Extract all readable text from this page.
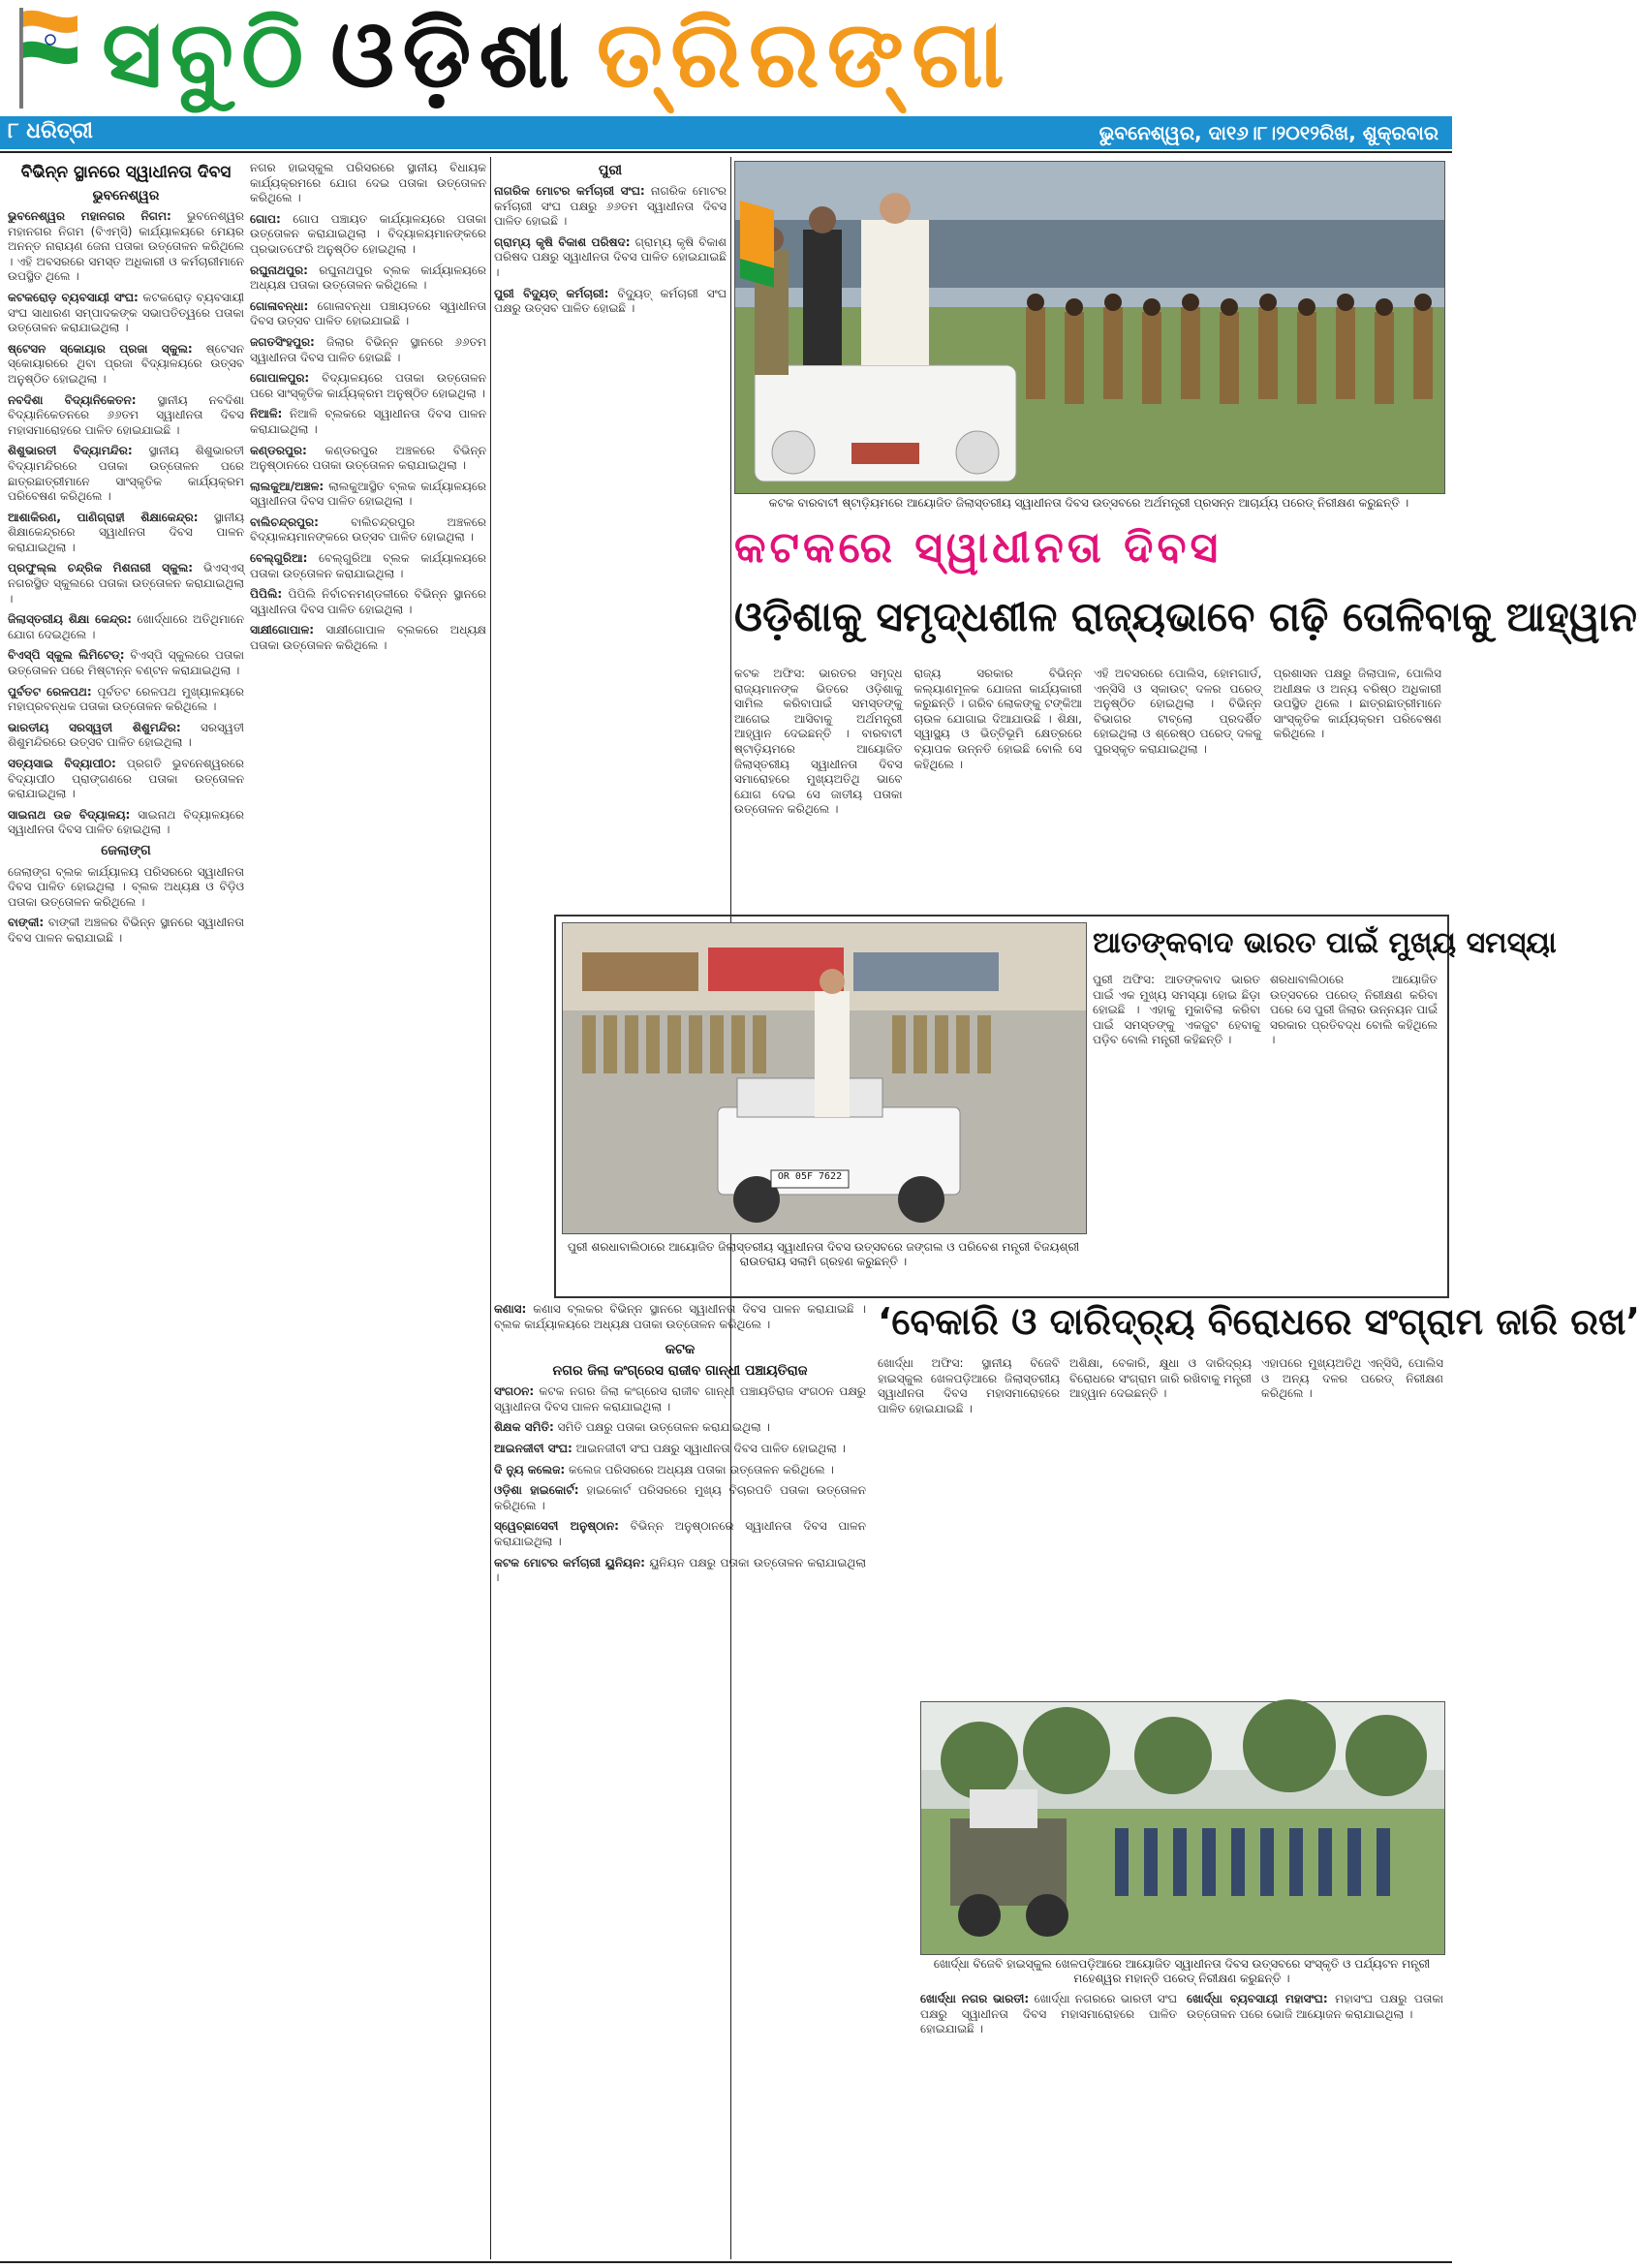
ସବୁଠି ଓଡ଼ିଶା ତ୍ରିରଙ୍ଗା
୮ ଧରିତ୍ରୀ	ଭୁବନେଶ୍ୱର, ଦା୧୬।୮।୨୦୧୨ରିଖ, ଶୁକ୍ରବାର
ବିଭିନ୍ନ ସ୍ଥାନରେ ସ୍ୱାଧୀନତା ଦିବସ
ଭୁବନେଶ୍ୱର

ଭୁବନେଶ୍ୱର ମହାନଗର ନିଗମ: ଭୁବନେଶ୍ୱର ମହାନଗର ନିଗମ (ବିଏମ୍‌ସି) କାର୍ଯ୍ୟାଳୟରେ ମେୟର ଅନନ୍ତ ନାରାୟଣ ଜେନା ପତାକା ଉତ୍ତୋଳନ କରିଥିଲେ । ଏହି ଅବସରରେ ସମସ୍ତ ଅଧିକାରୀ ଓ କର୍ମଚାରୀମାନେ ଉପସ୍ଥିତ ଥିଲେ ।

କଟକରୋଡ଼ ବ୍ୟବସାୟୀ ସଂଘ: କଟକରୋଡ଼ ବ୍ୟବସାୟୀ ସଂଘ ସାଧାରଣ ସମ୍ପାଦକଙ୍କ ସଭାପତିତ୍ୱରେ ପତାକା ଉତ୍ତୋଳନ କରାଯାଇଥିଲା ।

ଷ୍ଟେସନ ସ୍କୋୟାର ପ୍ରଜା ସ୍କୁଲ: ଷ୍ଟେସନ ସ୍କୋୟାରରେ ଥିବା ପ୍ରଜା ବିଦ୍ୟାଳୟରେ ଉତ୍ସବ ଅନୁଷ୍ଠିତ ହୋଇଥିଲା ।

ନବଦିଶା ବିଦ୍ୟାନିକେତନ: ସ୍ଥାନୀୟ ନବଦିଶା ବିଦ୍ୟାନିକେତନରେ ୬୬ତମ ସ୍ୱାଧୀନତା ଦିବସ ମହାସମାରୋହରେ ପାଳିତ ହୋଇଯାଇଛି ।

ଶିଶୁଭାରତୀ ବିଦ୍ୟାମନ୍ଦିର: ସ୍ଥାନୀୟ ଶିଶୁଭାରତୀ ବିଦ୍ୟାମନ୍ଦିରରେ ପତାକା ଉତ୍ତୋଳନ ପରେ ଛାତ୍ରଛାତ୍ରୀମାନେ ସାଂସ୍କୃତିକ କାର୍ଯ୍ୟକ୍ରମ ପରିବେଷଣ କରିଥିଲେ ।

ଆଶାକିରଣ, ପାଣିଗ୍ରାହୀ ଶିକ୍ଷାକେନ୍ଦ୍ର: ସ୍ଥାନୀୟ ଶିକ୍ଷାକେନ୍ଦ୍ରରେ ସ୍ୱାଧୀନତା ଦିବସ ପାଳନ କରାଯାଇଥିଲା ।

ପ୍ରଫୁଲ୍ଲ ଚନ୍ଦ୍ରିକ ମିଶନାରୀ ସ୍କୁଲ: ଭିଏସ୍‌ଏସ୍ ନଗରସ୍ଥିତ ସ୍କୁଲରେ ପତାକା ଉତ୍ତୋଳନ କରାଯାଇଥିଲା ।

ଜିଲାସ୍ତରୀୟ ଶିକ୍ଷା କେନ୍ଦ୍ର: ଖୋର୍ଦ୍ଧାରେ ଅତିଥିମାନେ ଯୋଗ ଦେଇଥିଲେ ।

ବିଏସ୍‌ପି ସ୍କୁଲ ଲିମିଟେଡ୍: ବିଏସ୍‌ପି ସ୍କୁଲରେ ପତାକା ଉତ୍ତୋଳନ ପରେ ମିଷ୍ଟାନ୍ନ ବଣ୍ଟନ କରାଯାଇଥିଲା ।

ପୁର୍ବତଟ ରେଳପଥ: ପୂର୍ବତଟ ରେଳପଥ ମୁଖ୍ୟାଳୟରେ ମହାପ୍ରବନ୍ଧକ ପତାକା ଉତ୍ତୋଳନ କରିଥିଲେ ।

ଭାରତୀୟ ସରସ୍ୱତୀ ଶିଶୁମନ୍ଦିର: ସରସ୍ୱତୀ ଶିଶୁମନ୍ଦିରରେ ଉତ୍ସବ ପାଳିତ ହୋଇଥିଲା ।

ସତ୍ୟସାଇ ବିଦ୍ୟାପୀଠ: ପ୍ରଗତି ଭୁବନେଶ୍ୱରରେ ବିଦ୍ୟାପୀଠ ପ୍ରାଙ୍ଗଣରେ ପତାକା ଉତ୍ତୋଳନ କରାଯାଇଥିଲା ।

ସାଇନାଥ ଉଚ୍ଚ ବିଦ୍ୟାଳୟ: ସାଇନାଥ ବିଦ୍ୟାଳୟରେ ସ୍ୱାଧୀନତା ଦିବସ ପାଳିତ ହୋଇଥିଲା ।

ଜେଲାଙ୍ଗ

ଜେଲାଙ୍ଗ ବ୍ଲକ କାର୍ଯ୍ୟାଳୟ ପରିସରରେ ସ୍ୱାଧୀନତା ଦିବସ ପାଳିତ ହୋଇଥିଲା । ବ୍ଲକ ଅଧ୍ୟକ୍ଷ ଓ ବିଡ଼ିଓ ପତାକା ଉତ୍ତୋଳନ କରିଥିଲେ ।

ବାଙ୍କୀ: ବାଙ୍କୀ ଅଞ୍ଚଳର ବିଭିନ୍ନ ସ୍ଥାନରେ ସ୍ୱାଧୀନତା ଦିବସ ପାଳନ କରାଯାଇଛି ।

ନଗର ହାଇସ୍କୁଲ ପରିସରରେ ସ୍ଥାନୀୟ ବିଧାୟକ କାର୍ଯ୍ୟକ୍ରମରେ ଯୋଗ ଦେଇ ପତାକା ଉତ୍ତୋଳନ କରିଥିଲେ ।

ଗୋପ: ଗୋପ ପଞ୍ଚାୟତ କାର୍ଯ୍ୟାଳୟରେ ପତାକା ଉତ୍ତୋଳନ କରାଯାଇଥିଲା । ବିଦ୍ୟାଳୟମାନଙ୍କରେ ପ୍ରଭାତଫେରି ଅନୁଷ୍ଠିତ ହୋଇଥିଲା ।

ରଘୁନାଥପୁର: ରଘୁନାଥପୁର ବ୍ଲକ କାର୍ଯ୍ୟାଳୟରେ ଅଧ୍ୟକ୍ଷ ପତାକା ଉତ୍ତୋଳନ କରିଥିଲେ ।

ଗୋଳାବନ୍ଧା: ଗୋଳାବନ୍ଧା ପଞ୍ଚାୟତରେ ସ୍ୱାଧୀନତା ଦିବସ ଉତ୍ସବ ପାଳିତ ହୋଇଯାଇଛି ।

ଜଗତସିଂହପୁର: ଜିଲାର ବିଭିନ୍ନ ସ୍ଥାନରେ ୬୬ତମ ସ୍ୱାଧୀନତା ଦିବସ ପାଳିତ ହୋଇଛି ।

ଗୋପାଳପୁର: ବିଦ୍ୟାଳୟରେ ପତାକା ଉତ୍ତୋଳନ ପରେ ସାଂସ୍କୃତିକ କାର୍ଯ୍ୟକ୍ରମ ଅନୁଷ୍ଠିତ ହୋଇଥିଲା ।

ନିଆଳି: ନିଆଳି ବ୍ଲକରେ ସ୍ୱାଧୀନତା ଦିବସ ପାଳନ କରାଯାଇଥିଲା ।

କଣ୍ଡରପୁର: କଣ୍ଡରପୁର ଅଞ୍ଚଳରେ ବିଭିନ୍ନ ଅନୁଷ୍ଠାନରେ ପତାକା ଉତ୍ତୋଳନ କରାଯାଇଥିଲା ।

ଲାଲକୁଆ/ଅଞ୍ଚଳ: ଲାଲକୁଆସ୍ଥିତ ବ୍ଲକ କାର୍ଯ୍ୟାଳୟରେ ସ୍ୱାଧୀନତା ଦିବସ ପାଳିତ ହୋଇଥିଲା ।

ବାଲିଚନ୍ଦ୍ରପୁର: ବାଲିଚନ୍ଦ୍ରପୁର ଅଞ୍ଚଳରେ ବିଦ୍ୟାଳୟମାନଙ୍କରେ ଉତ୍ସବ ପାଳିତ ହୋଇଥିଲା ।

ବେଲ୍ଗୁରିଆ: ବେଲ୍ଗୁରିଆ ବ୍ଲକ କାର୍ଯ୍ୟାଳୟରେ ପତାକା ଉତ୍ତୋଳନ କରାଯାଇଥିଲା ।

ପିପିଲି: ପିପିଲି ନିର୍ବାଚନମଣ୍ଡଳୀରେ ବିଭିନ୍ନ ସ୍ଥାନରେ ସ୍ୱାଧୀନତା ଦିବସ ପାଳିତ ହୋଇଥିଲା ।

ସାକ୍ଷୀଗୋପାଳ: ସାକ୍ଷୀଗୋପାଳ ବ୍ଲକରେ ଅଧ୍ୟକ୍ଷ ପତାକା ଉତ୍ତୋଳନ କରିଥିଲେ ।

ପୁରୀ

ନାଗରିକ ମୋଟର କର୍ମଚାରୀ ସଂଘ: ନାଗରିକ ମୋଟର କର୍ମଚାରୀ ସଂଘ ପକ୍ଷରୁ ୬୬ତମ ସ୍ୱାଧୀନତା ଦିବସ ପାଳିତ ହୋଇଛି ।

ଗ୍ରାମ୍ୟ କୃଷି ବିକାଶ ପରିଷଦ: ଗ୍ରାମ୍ୟ କୃଷି ବିକାଶ ପରିଷଦ ପକ୍ଷରୁ ସ୍ୱାଧୀନତା ଦିବସ ପାଳିତ ହୋଇଯାଇଛି ।

ପୁରୀ ବିଦ୍ୟୁତ୍ କର୍ମଚାରୀ: ବିଦ୍ୟୁତ୍ କର୍ମଚାରୀ ସଂଘ ପକ୍ଷରୁ ଉତ୍ସବ ପାଳିତ ହୋଇଛି ।

କଟକ ବାରବାଟୀ ଷ୍ଟାଡ଼ିୟମରେ ଆୟୋଜିତ ଜିଲାସ୍ତରୀୟ ସ୍ୱାଧୀନତା ଦିବସ ଉତ୍ସବରେ ଅର୍ଥମନ୍ତ୍ରୀ ପ୍ରସନ୍ନ ଆଚାର୍ଯ୍ୟ ପରେଡ୍ ନିରୀକ୍ଷଣ କରୁଛନ୍ତି ।
କଟକରେ ସ୍ୱାଧୀନତା ଦିବସ
ଓଡ଼ିଶାକୁ ସମୃଦ୍ଧଶୀଳ ରାଜ୍ୟଭାବେ ଗଢ଼ି ତୋଳିବାକୁ ଆହ୍ୱାନ

କଟକ ଅଫିସ: ଭାରତର ସମୃଦ୍ଧ ରାଜ୍ୟମାନଙ୍କ ଭିତରେ ଓଡ଼ିଶାକୁ ସାମିଲ କରିବାପାଇଁ ସମସ୍ତଙ୍କୁ ଆଗେଇ ଆସିବାକୁ ଅର୍ଥମନ୍ତ୍ରୀ ଆହ୍ୱାନ ଦେଇଛନ୍ତି । ବାରବାଟୀ ଷ୍ଟାଡ଼ିୟମରେ ଆୟୋଜିତ ଜିଲାସ୍ତରୀୟ ସ୍ୱାଧୀନତା ଦିବସ ସମାରୋହରେ ମୁଖ୍ୟଅତିଥି ଭାବେ ଯୋଗ ଦେଇ ସେ ଜାତୀୟ ପତାକା ଉତ୍ତୋଳନ କରିଥିଲେ ।

ରାଜ୍ୟ ସରକାର ବିଭିନ୍ନ କଲ୍ୟାଣମୂଳକ ଯୋଜନା କାର୍ଯ୍ୟକାରୀ କରୁଛନ୍ତି । ଗରିବ ଲୋକଙ୍କୁ ଟଙ୍କିଆ ଚାଉଳ ଯୋଗାଇ ଦିଆଯାଉଛି । ଶିକ୍ଷା, ସ୍ୱାସ୍ଥ୍ୟ ଓ ଭିତ୍ତିଭୂମି କ୍ଷେତ୍ରରେ ବ୍ୟାପକ ଉନ୍ନତି ହୋଇଛି ବୋଲି ସେ କହିଥିଲେ ।

ଏହି ଅବସରରେ ପୋଲିସ, ହୋମଗାର୍ଡ, ଏନ୍‌ସିସି ଓ ସ୍କାଉଟ୍ ଦଳର ପରେଡ୍ ଅନୁଷ୍ଠିତ ହୋଇଥିଲା । ବିଭିନ୍ନ ବିଭାଗର ଟାବ୍ଲୋ ପ୍ରଦର୍ଶିତ ହୋଇଥିଲା ଓ ଶ୍ରେଷ୍ଠ ପରେଡ୍ ଦଳକୁ ପୁରସ୍କୃତ କରାଯାଇଥିଲା ।

ପ୍ରଶାସନ ପକ୍ଷରୁ ଜିଲାପାଳ, ପୋଲିସ ଅଧୀକ୍ଷକ ଓ ଅନ୍ୟ ବରିଷ୍ଠ ଅଧିକାରୀ ଉପସ୍ଥିତ ଥିଲେ । ଛାତ୍ରଛାତ୍ରୀମାନେ ସାଂସ୍କୃତିକ କାର୍ଯ୍ୟକ୍ରମ ପରିବେଷଣ କରିଥିଲେ ।

OR 05F 7622
ପୁରୀ ଶରଧାବାଲିଠାରେ ଆୟୋଜିତ ଜିଲାସ୍ତରୀୟ ସ୍ୱାଧୀନତା ଦିବସ ଉତ୍ସବରେ ଜଙ୍ଗଲ ଓ ପରିବେଶ ମନ୍ତ୍ରୀ ବିଜୟଶ୍ରୀ ରାଉତରାୟ ସଲାମି ଗ୍ରହଣ କରୁଛନ୍ତି ।
ଆତଙ୍କବାଦ ଭାରତ ପାଇଁ ମୁଖ୍ୟ ସମସ୍ୟା

ପୁରୀ ଅଫିସ: ଆତଙ୍କବାଦ ଭାରତ ପାଇଁ ଏକ ମୁଖ୍ୟ ସମସ୍ୟା ହୋଇ ଛିଡ଼ା ହୋଇଛି । ଏହାକୁ ମୁକାବିଲା କରିବା ପାଇଁ ସମସ୍ତଙ୍କୁ ଏକଜୁଟ ହେବାକୁ ପଡ଼ିବ ବୋଲି ମନ୍ତ୍ରୀ କହିଛନ୍ତି ।

ଶରଧାବାଲିଠାରେ ଆୟୋଜିତ ଉତ୍ସବରେ ପରେଡ୍ ନିରୀକ୍ଷଣ କରିବା ପରେ ସେ ପୁରୀ ଜିଲାର ଉନ୍ନୟନ ପାଇଁ ସରକାର ପ୍ରତିବଦ୍ଧ ବୋଲି କହିଥିଲେ ।

‘ବେକାରି ଓ ଦାରିଦ୍ର୍ୟ ବିରୋଧରେ ସଂଗ୍ରାମ ଜାରି ରଖ’

ଖୋର୍ଦ୍ଧା ଅଫିସ: ସ୍ଥାନୀୟ ବିଜେବି ହାଇସ୍କୁଲ ଖେଳପଡ଼ିଆରେ ଜିଲାସ୍ତରୀୟ ସ୍ୱାଧୀନତା ଦିବସ ମହାସମାରୋହରେ ପାଳିତ ହୋଇଯାଇଛି ।

ଅଶିକ୍ଷା, ବେକାରି, କ୍ଷୁଧା ଓ ଦାରିଦ୍ର୍ୟ ବିରୋଧରେ ସଂଗ୍ରାମ ଜାରି ରଖିବାକୁ ମନ୍ତ୍ରୀ ଆହ୍ୱାନ ଦେଇଛନ୍ତି ।

ଏହାପରେ ମୁଖ୍ୟଅତିଥି ଏନ୍‌ସିସି, ପୋଲିସ ଓ ଅନ୍ୟ ଦଳର ପରେଡ୍ ନିରୀକ୍ଷଣ କରିଥିଲେ ।

ଖୋର୍ଦ୍ଧା ବିଜେବି ହାଇସ୍କୁଲ ଖେଳପଡ଼ିଆରେ ଆୟୋଜିତ ସ୍ୱାଧୀନତା ଦିବସ ଉତ୍ସବରେ ସଂସ୍କୃତି ଓ ପର୍ଯ୍ୟଟନ ମନ୍ତ୍ରୀ ମହେଶ୍ୱର ମହାନ୍ତି ପରେଡ୍ ନିରୀକ୍ଷଣ କରୁଛନ୍ତି ।

କଣାସ: କଣାସ ବ୍ଲକର ବିଭିନ୍ନ ସ୍ଥାନରେ ସ୍ୱାଧୀନତା ଦିବସ ପାଳନ କରାଯାଇଛି । ବ୍ଲକ କାର୍ଯ୍ୟାଳୟରେ ଅଧ୍ୟକ୍ଷ ପତାକା ଉତ୍ତୋଳନ କରିଥିଲେ ।

କଟକ
ନଗର ଜିଲା କଂଗ୍ରେସ ରାଜୀବ ଗାନ୍ଧୀ ପଞ୍ଚାୟତିରାଜ

ସଂଗଠନ: କଟକ ନଗର ଜିଲା କଂଗ୍ରେସ ରାଜୀବ ଗାନ୍ଧୀ ପଞ୍ଚାୟତିରାଜ ସଂଗଠନ ପକ୍ଷରୁ ସ୍ୱାଧୀନତା ଦିବସ ପାଳନ କରାଯାଇଥିଲା ।

ଶିକ୍ଷକ ସମିତି: ସମିତି ପକ୍ଷରୁ ପତାକା ଉତ୍ତୋଳନ କରାଯାଇଥିଲା ।

ଆଇନଜୀବୀ ସଂଘ: ଆଇନଜୀବୀ ସଂଘ ପକ୍ଷରୁ ସ୍ୱାଧୀନତା ଦିବସ ପାଳିତ ହୋଇଥିଲା ।

ଦି ନ୍ୟୁ କଲେଜ: କଲେଜ ପରିସରରେ ଅଧ୍ୟକ୍ଷ ପତାକା ଉତ୍ତୋଳନ କରିଥିଲେ ।

ଓଡ଼ିଶା ହାଇକୋର୍ଟ: ହାଇକୋର୍ଟ ପରିସରରେ ମୁଖ୍ୟ ବିଚାରପତି ପତାକା ଉତ୍ତୋଳନ କରିଥିଲେ ।

ସ୍ୱେଚ୍ଛାସେବୀ ଅନୁଷ୍ଠାନ: ବିଭିନ୍ନ ଅନୁଷ୍ଠାନରେ ସ୍ୱାଧୀନତା ଦିବସ ପାଳନ କରାଯାଇଥିଲା ।

କଟକ ମୋଟର କର୍ମଚାରୀ ୟୁନିୟନ: ୟୁନିୟନ ପକ୍ଷରୁ ପତାକା ଉତ୍ତୋଳନ କରାଯାଇଥିଲା ।

ଖୋର୍ଦ୍ଧା ନଗର ଭାରତୀ: ଖୋର୍ଦ୍ଧା ନଗରରେ ଭାରତୀ ସଂଘ ପକ୍ଷରୁ ସ୍ୱାଧୀନତା ଦିବସ ମହାସମାରୋହରେ ପାଳିତ ହୋଇଯାଇଛି ।

ଖୋର୍ଦ୍ଧା ବ୍ୟବସାୟୀ ମହାସଂଘ: ମହାସଂଘ ପକ୍ଷରୁ ପତାକା ଉତ୍ତୋଳନ ପରେ ଭୋଜି ଆୟୋଜନ କରାଯାଇଥିଲା ।
